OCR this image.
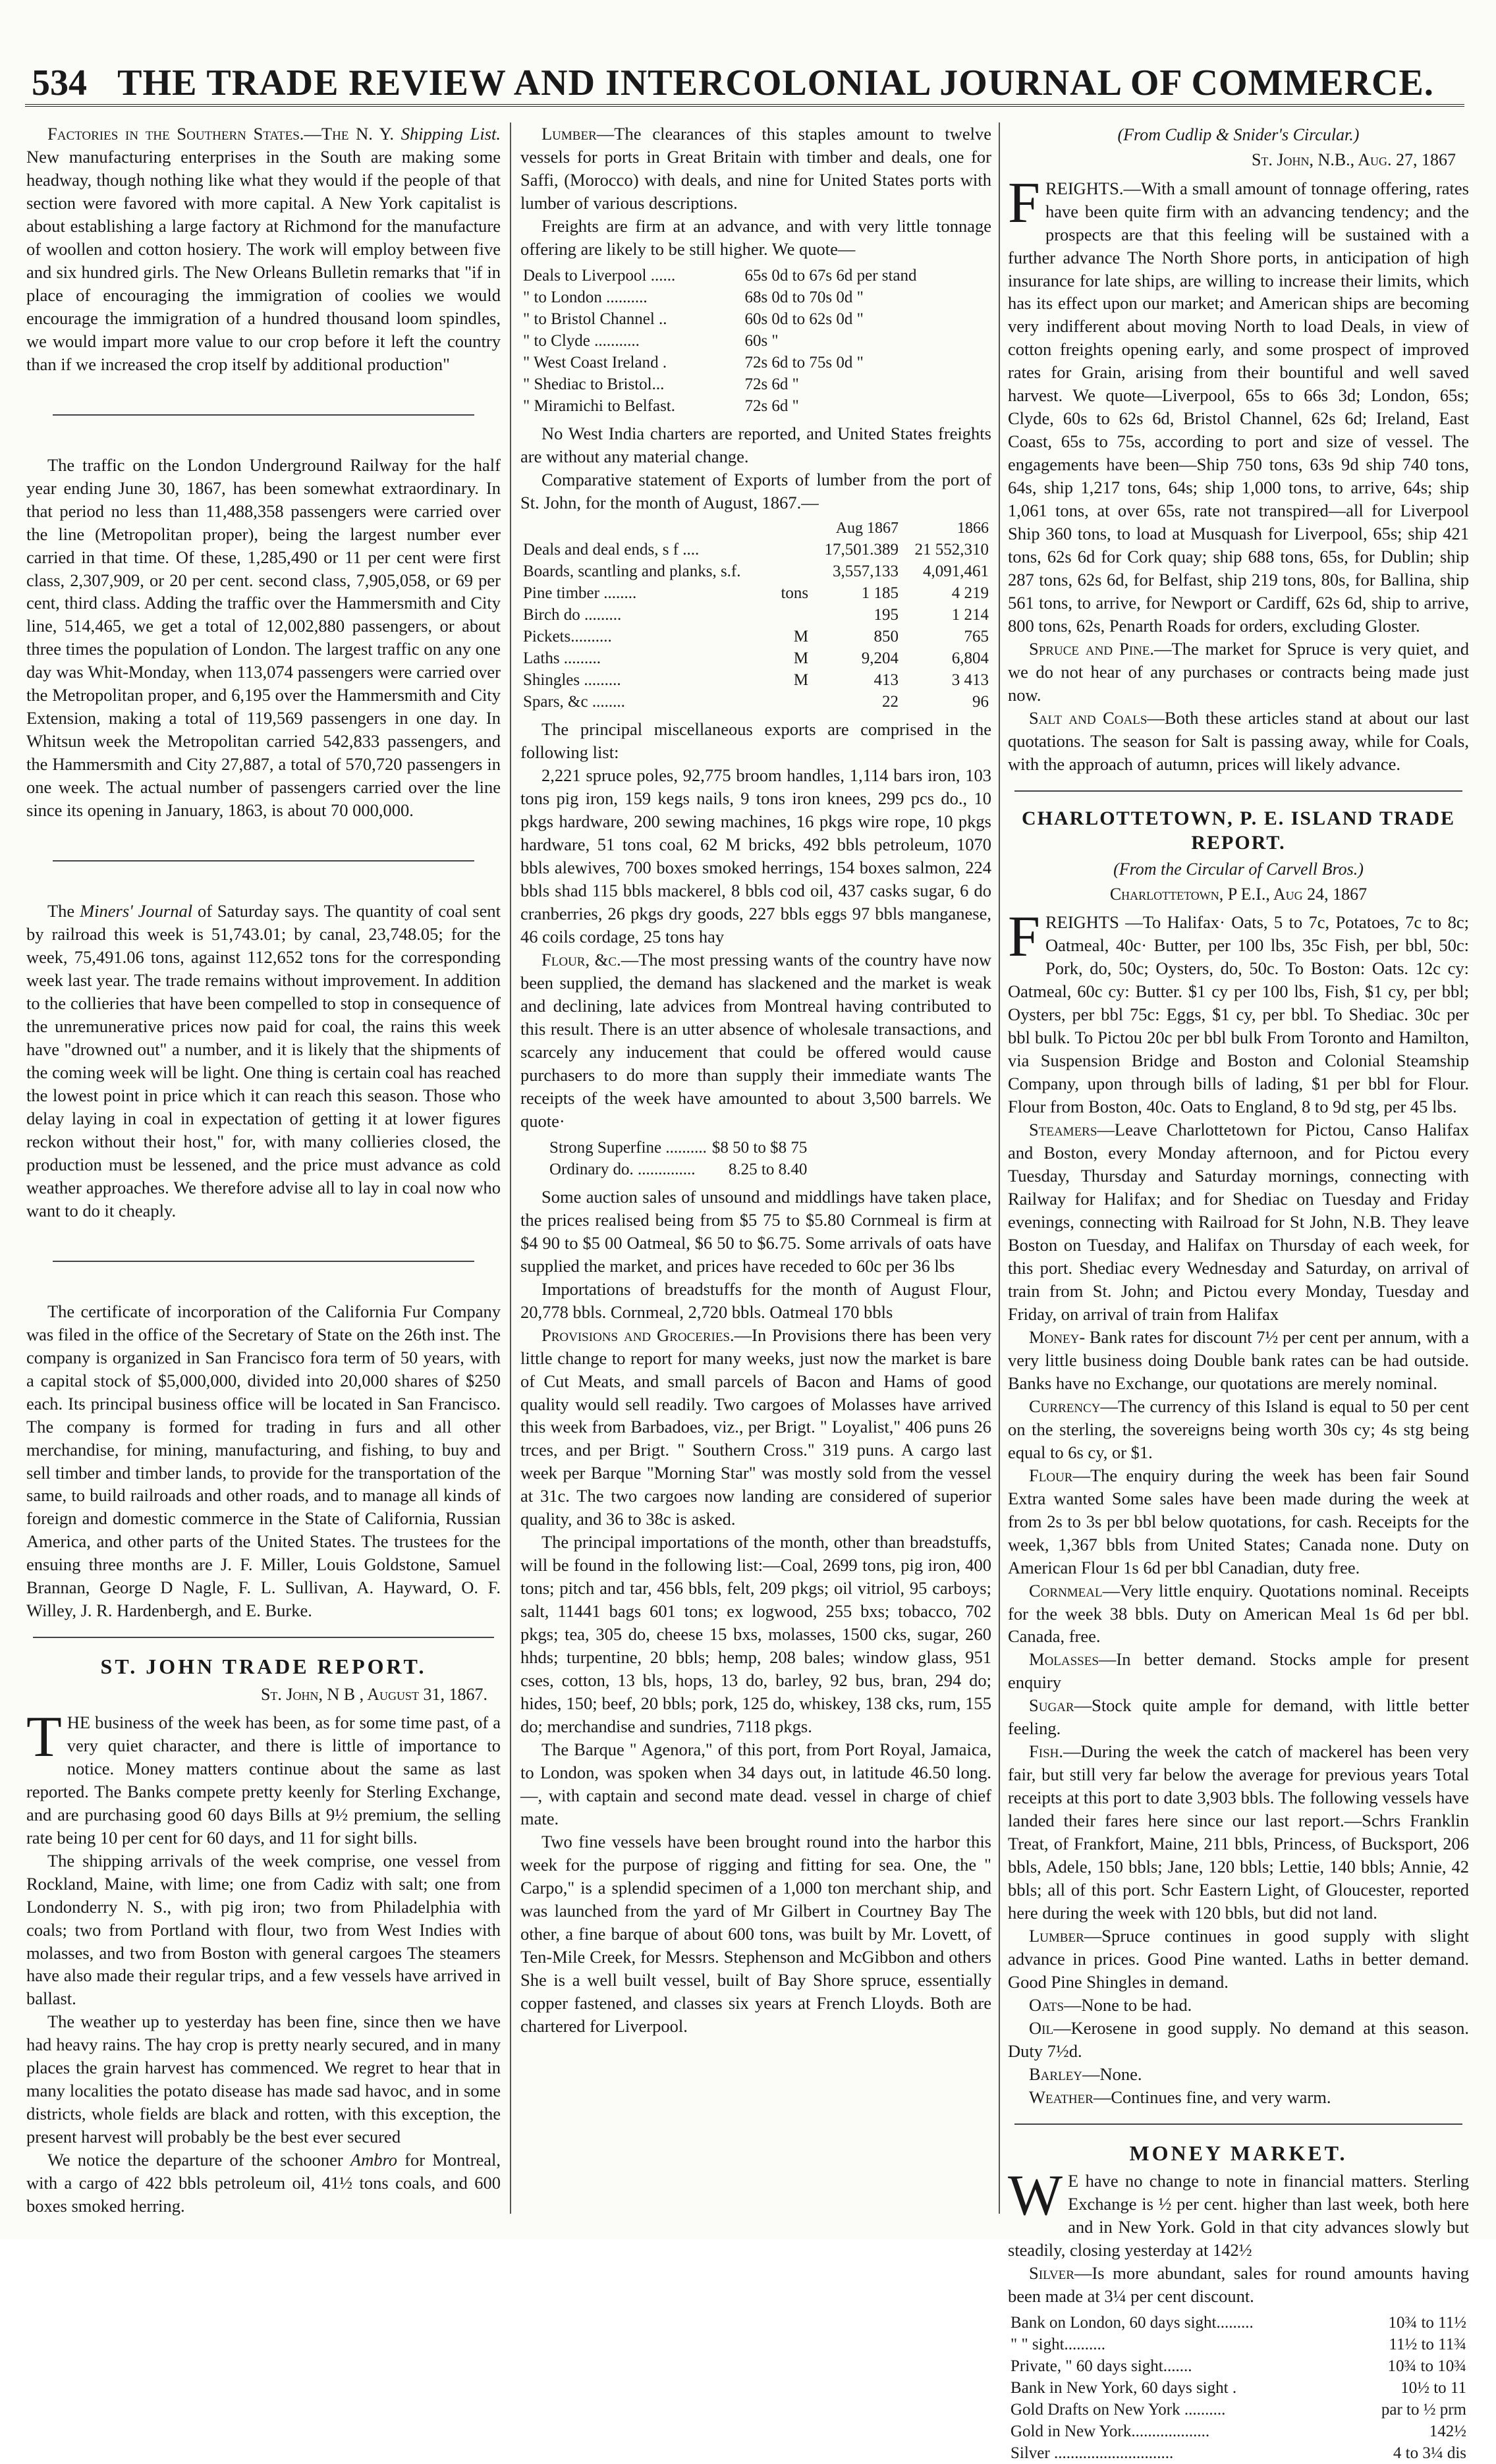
534 THE TRADE REVIEW AND INTERCOLONIAL JOURNAL OF COMMERCE.

Factories in the Southern States.—The N. Y. Shipping List. New manufacturing enterprises in the South are making some headway, though nothing like what they would if the people of that section were favored with more capital. A New York capitalist is about establishing a large factory at Richmond for the manufacture of woollen and cotton hosiery. The work will employ between five and six hundred girls. The New Orleans Bulletin remarks that "if in place of encouraging the immigration of coolies we would encourage the immigration of a hundred thousand loom spindles, we would impart more value to our crop before it left the country than if we increased the crop itself by additional production"

The traffic on the London Underground Railway for the half year ending June 30, 1867, has been somewhat extraordinary. In that period no less than 11,488,358 passengers were carried over the line (Metropolitan proper), being the largest number ever carried in that time. Of these, 1,285,490 or 11 per cent were first class, 2,307,909, or 20 per cent. second class, 7,905,058, or 69 per cent, third class. Adding the traffic over the Hammersmith and City line, 514,465, we get a total of 12,002,880 passengers, or about three times the population of London. The largest traffic on any one day was Whit-Monday, when 113,074 passengers were carried over the Metropolitan proper, and 6,195 over the Hammersmith and City Extension, making a total of 119,569 passengers in one day. In Whitsun week the Metropolitan carried 542,833 passengers, and the Hammersmith and City 27,887, a total of 570,720 passengers in one week. The actual number of passengers carried over the line since its opening in January, 1863, is about 70 000,000.

The Miners' Journal of Saturday says. The quantity of coal sent by railroad this week is 51,743.01; by canal, 23,748.05; for the week, 75,491.06 tons, against 112,652 tons for the corresponding week last year. The trade remains without improvement. In addition to the collieries that have been compelled to stop in consequence of the unremunerative prices now paid for coal, the rains this week have "drowned out" a number, and it is likely that the shipments of the coming week will be light. One thing is certain coal has reached the lowest point in price which it can reach this season. Those who delay laying in coal in expectation of getting it at lower figures reckon without their host," for, with many collieries closed, the production must be lessened, and the price must advance as cold weather approaches. We therefore advise all to lay in coal now who want to do it cheaply.

The certificate of incorporation of the California Fur Company was filed in the office of the Secretary of State on the 26th inst. The company is organized in San Francisco fora term of 50 years, with a capital stock of $5,000,000, divided into 20,000 shares of $250 each. Its principal business office will be located in San Francisco. The company is formed for trading in furs and all other merchandise, for mining, manufacturing, and fishing, to buy and sell timber and timber lands, to provide for the transportation of the same, to build railroads and other roads, and to manage all kinds of foreign and domestic commerce in the State of California, Russian America, and other parts of the United States. The trustees for the ensuing three months are J. F. Miller, Louis Goldstone, Samuel Brannan, George D Nagle, F. L. Sullivan, A. Hayward, O. F. Willey, J. R. Hardenbergh, and E. Burke.

ST. JOHN TRADE REPORT.
St. John, N B , August 31, 1867.

THE business of the week has been, as for some time past, of a very quiet character, and there is little of importance to notice. Money matters continue about the same as last reported. The Banks compete pretty keenly for Sterling Exchange, and are purchasing good 60 days Bills at 9½ premium, the selling rate being 10 per cent for 60 days, and 11 for sight bills.

The shipping arrivals of the week comprise, one vessel from Rockland, Maine, with lime; one from Cadiz with salt; one from Londonderry N. S., with pig iron; two from Philadelphia with coals; two from Portland with flour, two from West Indies with molasses, and two from Boston with general cargoes The steamers have also made their regular trips, and a few vessels have arrived in ballast.

The weather up to yesterday has been fine, since then we have had heavy rains. The hay crop is pretty nearly secured, and in many places the grain harvest has commenced. We regret to hear that in many localities the potato disease has made sad havoc, and in some districts, whole fields are black and rotten, with this exception, the present harvest will probably be the best ever secured

We notice the departure of the schooner Ambro for Montreal, with a cargo of 422 bbls petroleum oil, 41½ tons coals, and 600 boxes smoked herring.

Lumber—The clearances of this staples amount to twelve vessels for ports in Great Britain with timber and deals, one for Saffi, (Morocco) with deals, and nine for United States ports with lumber of various descriptions.

Freights are firm at an advance, and with very little tonnage offering are likely to be still higher. We quote—

Deals to Liverpool ......	65s 0d to 67s 6d per stand
" to London ..........	68s 0d to 70s 0d "
" to Bristol Channel ..	60s 0d to 62s 0d "
" to Clyde ...........	60s "
" West Coast Ireland .	72s 6d to 75s 0d "
" Shediac to Bristol...	72s 6d "
" Miramichi to Belfast.	72s 6d "

No West India charters are reported, and United States freights are without any material change.

Comparative statement of Exports of lumber from the port of St. John, for the month of August, 1867.—

		Aug 1867	1866
Deals and deal ends, s f ....		17,501.389	21 552,310
Boards, scantling and planks, s.f.		3,557,133	4,091,461
Pine timber ........	tons	1 185	4 219
Birch do .........		195	1 214
Pickets..........	M	850	765
Laths .........	M	9,204	6,804
Shingles .........	M	413	3 413
Spars, &c ........		22	96

The principal miscellaneous exports are comprised in the following list:

2,221 spruce poles, 92,775 broom handles, 1,114 bars iron, 103 tons pig iron, 159 kegs nails, 9 tons iron knees, 299 pcs do., 10 pkgs hardware, 200 sewing machines, 16 pkgs wire rope, 10 pkgs hardware, 51 tons coal, 62 M bricks, 492 bbls petroleum, 1070 bbls alewives, 700 boxes smoked herrings, 154 boxes salmon, 224 bbls shad 115 bbls mackerel, 8 bbls cod oil, 437 casks sugar, 6 do cranberries, 26 pkgs dry goods, 227 bbls eggs 97 bbls manganese, 46 coils cordage, 25 tons hay

Flour, &c.—The most pressing wants of the country have now been supplied, the demand has slackened and the market is weak and declining, late advices from Montreal having contributed to this result. There is an utter absence of wholesale transactions, and scarcely any inducement that could be offered would cause purchasers to do more than supply their immediate wants The receipts of the week have amounted to about 3,500 barrels. We quote·

Strong Superfine ..........	$8 50 to $8 75
Ordinary do. ..............	8.25 to 8.40

Some auction sales of unsound and middlings have taken place, the prices realised being from $5 75 to $5.80 Cornmeal is firm at $4 90 to $5 00 Oatmeal, $6 50 to $6.75. Some arrivals of oats have supplied the market, and prices have receded to 60c per 36 lbs

Importations of breadstuffs for the month of August Flour, 20,778 bbls. Cornmeal, 2,720 bbls. Oatmeal 170 bbls

Provisions and Groceries.—In Provisions there has been very little change to report for many weeks, just now the market is bare of Cut Meats, and small parcels of Bacon and Hams of good quality would sell readily. Two cargoes of Molasses have arrived this week from Barbadoes, viz., per Brigt. " Loyalist," 406 puns 26 trces, and per Brigt. " Southern Cross." 319 puns. A cargo last week per Barque "Morning Star" was mostly sold from the vessel at 31c. The two cargoes now landing are considered of superior quality, and 36 to 38c is asked.

The principal importations of the month, other than breadstuffs, will be found in the following list:—Coal, 2699 tons, pig iron, 400 tons; pitch and tar, 456 bbls, felt, 209 pkgs; oil vitriol, 95 carboys; salt, 11441 bags 601 tons; ex logwood, 255 bxs; tobacco, 702 pkgs; tea, 305 do, cheese 15 bxs, molasses, 1500 cks, sugar, 260 hhds; turpentine, 20 bbls; hemp, 208 bales; window glass, 951 cses, cotton, 13 bls, hops, 13 do, barley, 92 bus, bran, 294 do; hides, 150; beef, 20 bbls; pork, 125 do, whiskey, 138 cks, rum, 155 do; merchandise and sundries, 7118 pkgs.

The Barque " Agenora," of this port, from Port Royal, Jamaica, to London, was spoken when 34 days out, in latitude 46.50 long. —, with captain and second mate dead. vessel in charge of chief mate.

Two fine vessels have been brought round into the harbor this week for the purpose of rigging and fitting for sea. One, the " Carpo," is a splendid specimen of a 1,000 ton merchant ship, and was launched from the yard of Mr Gilbert in Courtney Bay The other, a fine barque of about 600 tons, was built by Mr. Lovett, of Ten-Mile Creek, for Messrs. Stephenson and McGibbon and others She is a well built vessel, built of Bay Shore spruce, essentially copper fastened, and classes six years at French Lloyds. Both are chartered for Liverpool.

(From Cudlip & Snider's Circular.)
St. John, N.B., Aug. 27, 1867

FREIGHTS.—With a small amount of tonnage offering, rates have been quite firm with an advancing tendency; and the prospects are that this feeling will be sustained with a further advance The North Shore ports, in anticipation of high insurance for late ships, are willing to increase their limits, which has its effect upon our market; and American ships are becoming very indifferent about moving North to load Deals, in view of cotton freights opening early, and some prospect of improved rates for Grain, arising from their bountiful and well saved harvest. We quote—Liverpool, 65s to 66s 3d; London, 65s; Clyde, 60s to 62s 6d, Bristol Channel, 62s 6d; Ireland, East Coast, 65s to 75s, according to port and size of vessel. The engagements have been—Ship 750 tons, 63s 9d ship 740 tons, 64s, ship 1,217 tons, 64s; ship 1,000 tons, to arrive, 64s; ship 1,061 tons, at over 65s, rate not transpired—all for Liverpool Ship 360 tons, to load at Musquash for Liverpool, 65s; ship 421 tons, 62s 6d for Cork quay; ship 688 tons, 65s, for Dublin; ship 287 tons, 62s 6d, for Belfast, ship 219 tons, 80s, for Ballina, ship 561 tons, to arrive, for Newport or Cardiff, 62s 6d, ship to arrive, 800 tons, 62s, Penarth Roads for orders, excluding Gloster.

Spruce and Pine.—The market for Spruce is very quiet, and we do not hear of any purchases or contracts being made just now.

Salt and Coals—Both these articles stand at about our last quotations. The season for Salt is passing away, while for Coals, with the approach of autumn, prices will likely advance.

CHARLOTTETOWN, P. E. ISLAND TRADE REPORT.
(From the Circular of Carvell Bros.)
Charlottetown, P E.I., Aug 24, 1867

FREIGHTS —To Halifax· Oats, 5 to 7c, Potatoes, 7c to 8c; Oatmeal, 40c· Butter, per 100 lbs, 35c Fish, per bbl, 50c: Pork, do, 50c; Oysters, do, 50c. To Boston: Oats. 12c cy: Oatmeal, 60c cy: Butter. $1 cy per 100 lbs, Fish, $1 cy, per bbl; Oysters, per bbl 75c: Eggs, $1 cy, per bbl. To Shediac. 30c per bbl bulk. To Pictou 20c per bbl bulk From Toronto and Hamilton, via Suspension Bridge and Boston and Colonial Steamship Company, upon through bills of lading, $1 per bbl for Flour. Flour from Boston, 40c. Oats to England, 8 to 9d stg, per 45 lbs.

Steamers—Leave Charlottetown for Pictou, Canso Halifax and Boston, every Monday afternoon, and for Pictou every Tuesday, Thursday and Saturday mornings, connecting with Railway for Halifax; and for Shediac on Tuesday and Friday evenings, connecting with Railroad for St John, N.B. They leave Boston on Tuesday, and Halifax on Thursday of each week, for this port. Shediac every Wednesday and Saturday, on arrival of train from St. John; and Pictou every Monday, Tuesday and Friday, on arrival of train from Halifax

Money- Bank rates for discount 7½ per cent per annum, with a very little business doing Double bank rates can be had outside. Banks have no Exchange, our quotations are merely nominal.

Currency—The currency of this Island is equal to 50 per cent on the sterling, the sovereigns being worth 30s cy; 4s stg being equal to 6s cy, or $1.

Flour—The enquiry during the week has been fair Sound Extra wanted Some sales have been made during the week at from 2s to 3s per bbl below quotations, for cash. Receipts for the week, 1,367 bbls from United States; Canada none. Duty on American Flour 1s 6d per bbl Canadian, duty free.

Cornmeal—Very little enquiry. Quotations nominal. Receipts for the week 38 bbls. Duty on American Meal 1s 6d per bbl. Canada, free.

Molasses—In better demand. Stocks ample for present enquiry

Sugar—Stock quite ample for demand, with little better feeling.

Fish.—During the week the catch of mackerel has been very fair, but still very far below the average for previous years Total receipts at this port to date 3,903 bbls. The following vessels have landed their fares here since our last report.—Schrs Franklin Treat, of Frankfort, Maine, 211 bbls, Princess, of Bucksport, 206 bbls, Adele, 150 bbls; Jane, 120 bbls; Lettie, 140 bbls; Annie, 42 bbls; all of this port. Schr Eastern Light, of Gloucester, reported here during the week with 120 bbls, but did not land.

Lumber—Spruce continues in good supply with slight advance in prices. Good Pine wanted. Laths in better demand. Good Pine Shingles in demand.

Oats—None to be had.

Oil—Kerosene in good supply. No demand at this season. Duty 7½d.

Barley—None.

Weather—Continues fine, and very warm.

MONEY MARKET.

W E have no change to note in financial matters. Sterling Exchange is ½ per cent. higher than last week, both here and in New York. Gold in that city advances slowly but steadily, closing yesterday at 142½

Silver—Is more abundant, sales for round amounts having been made at 3¼ per cent discount.

Bank on London, 60 days sight.........	10¾ to 11½
" " sight..........	11½ to 11¾
Private, " 60 days sight.......	10¾ to 10¾
Bank in New York, 60 days sight .	10½ to 11
Gold Drafts on New York ..........	par to ½ prm
Gold in New York...................	142½
Silver .............................	4 to 3¼ dis
